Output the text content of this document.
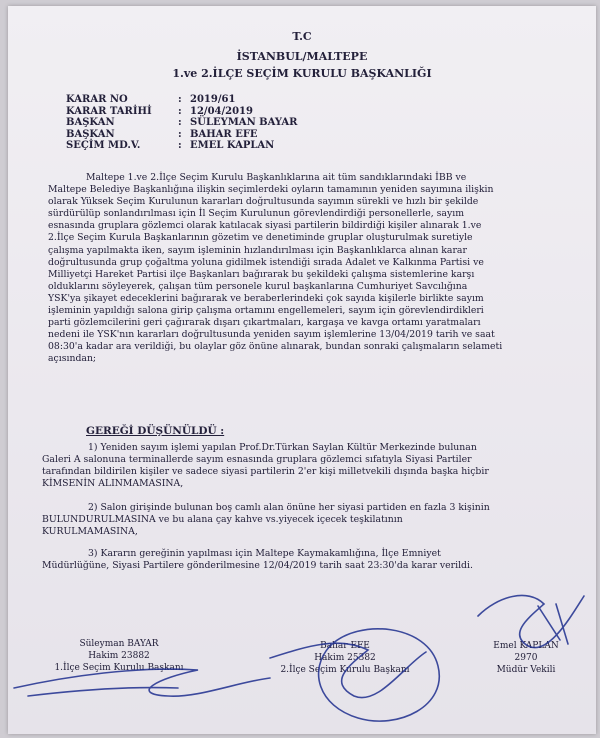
T.C
İSTANBUL/MALTEPE
1.ve 2.İLÇE SEÇİM KURULU BAŞKANLIĞI
KARAR NO	: 2019/61
KARAR TARİHİ	: 12/04/2019
BAŞKAN	: SÜLEYMAN BAYAR
BAŞKAN	: BAHAR EFE
SEÇİM MD.V.	: EMEL KAPLAN
Maltepe 1.ve 2.İlçe Seçim Kurulu Başkanlıklarına ait tüm sandıklarındaki İBB ve
Maltepe Belediye Başkanlığına ilişkin seçimlerdeki oyların tamamının yeniden sayımına ilişkin
olarak Yüksek Seçim Kurulunun kararları doğrultusunda sayımın sürekli ve hızlı bir şekilde
sürdürülüp sonlandırılması için İl Seçim Kurulunun görevlendirdiği personellerle, sayım
esnasında gruplara gözlemci olarak katılacak siyasi partilerin bildirdiği kişiler alınarak 1.ve
2.İlçe Seçim Kurula Başkanlarının gözetim ve denetiminde gruplar oluşturulmak suretiyle
çalışma yapılmakta iken, sayım işleminin hızlandırılması için Başkanlıklarca alınan karar
doğrultusunda grup çoğaltma yoluna gidilmek istendiği sırada Adalet ve Kalkınma Partisi ve
Milliyetçi Hareket Partisi ilçe Başkanları bağırarak bu şekildeki çalışma sistemlerine karşı
olduklarını söyleyerek, çalışan tüm personele kurul başkanlarına Cumhuriyet Savcılığına
YSK'ya şikayet edeceklerini bağırarak ve beraberlerindeki çok sayıda kişilerle birlikte sayım
işleminin yapıldığı salona girip çalışma ortamını engellemeleri, sayım için görevlendirdikleri
parti gözlemcilerini geri çağırarak dışarı çıkartmaları, kargaşa ve kavga ortamı yaratmaları
nedeni ile YSK'nın kararları doğrultusunda yeniden sayım işlemlerine 13/04/2019 tarih ve saat
08:30'a kadar ara verildiği, bu olaylar göz önüne alınarak, bundan sonraki çalışmaların selameti
açısından;
GEREĞİ DÜŞÜNÜLDÜ :
1) Yeniden sayım işlemi yapılan Prof.Dr.Türkan Saylan Kültür Merkezinde bulunan
Galeri A salonuna terminallerde sayım esnasında gruplara gözlemci sıfatıyla Siyasi Partiler
tarafından bildirilen kişiler ve sadece siyasi partilerin 2'er kişi milletvekili dışında başka hiçbir
KİMSENİN ALINMAMASINA,
2) Salon girişinde bulunan boş camlı alan önüne her siyasi partiden en fazla 3 kişinin
BULUNDURULMASINA ve bu alana çay kahve vs.yiyecek içecek teşkilatının
KURULMAMASINA,
3) Kararın gereğinin yapılması için Maltepe Kaymakamlığına, İlçe Emniyet
Müdürlüğüne, Siyasi Partilere gönderilmesine 12/04/2019 tarih saat 23:30'da karar verildi.
Süleyman BAYAR
Hakim 23882
1.İlçe Seçim Kurulu Başkanı
Bahar EFE
Hakim 25382
2.İlçe Seçim Kurulu Başkanı
Emel KAPLAN
2970
Müdür Vekili
